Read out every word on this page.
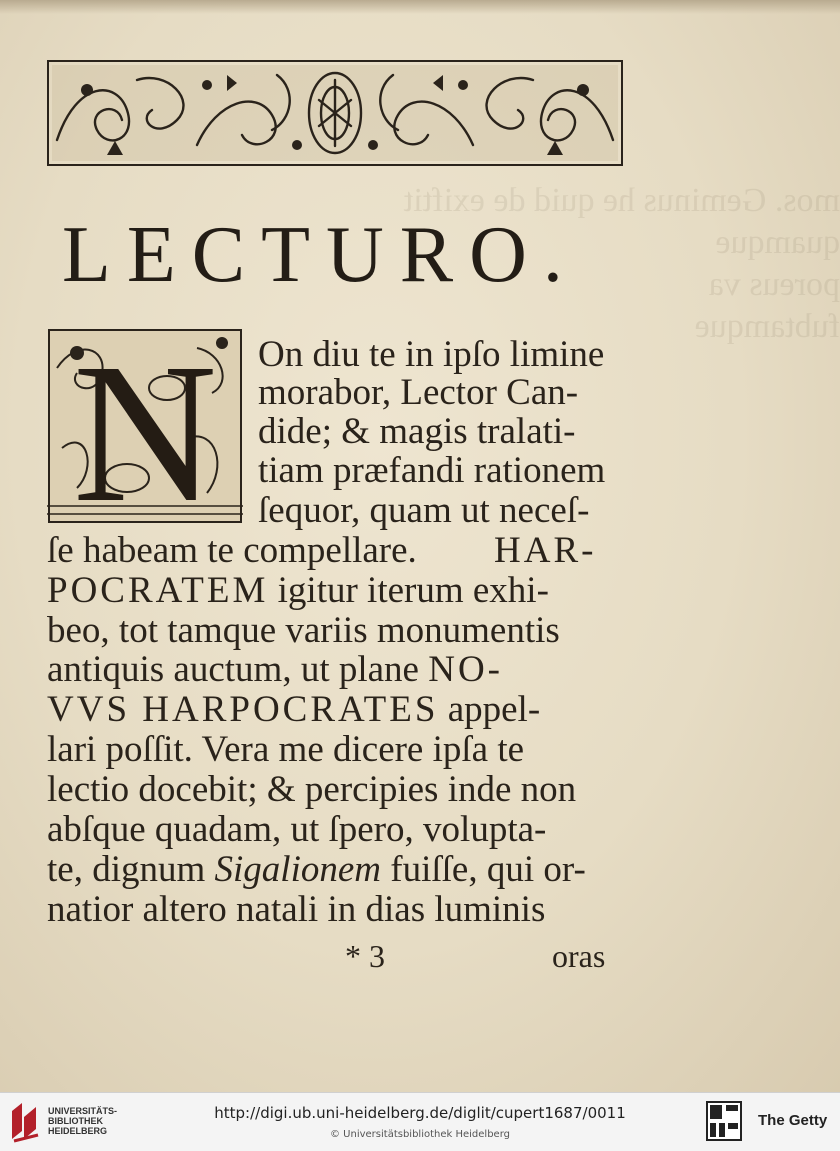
mos. Geminus he quid de exiftit
quamque
poreus va
fubtamque
LECTURO.
N On diu te in ipſo limine
morabor, Lector Can-
dide; & magis tralati-
tiam præfandi rationem
ſequor, quam ut neceſ-
ſe habeam te compellare. HAR-
POCRATEM igitur iterum exhi-
beo, tot tamque variis monumentis
antiquis auctum, ut plane NO-
VVS HARPOCRATES appel-
lari poſſit. Vera me dicere ipſa te
lectio docebit; & percipies inde non
abſque quadam, ut ſpero, volupta-
te, dignum Sigalionem fuiſſe, qui or-
natior altero natali in dias luminis
* 3	oras
UNIVERSITÄTS-
BIBLIOTHEK
HEIDELBERG
http://digi.ub.uni-heidelberg.de/diglit/cupert1687/0011
© Universitätsbibliothek Heidelberg
The Getty
